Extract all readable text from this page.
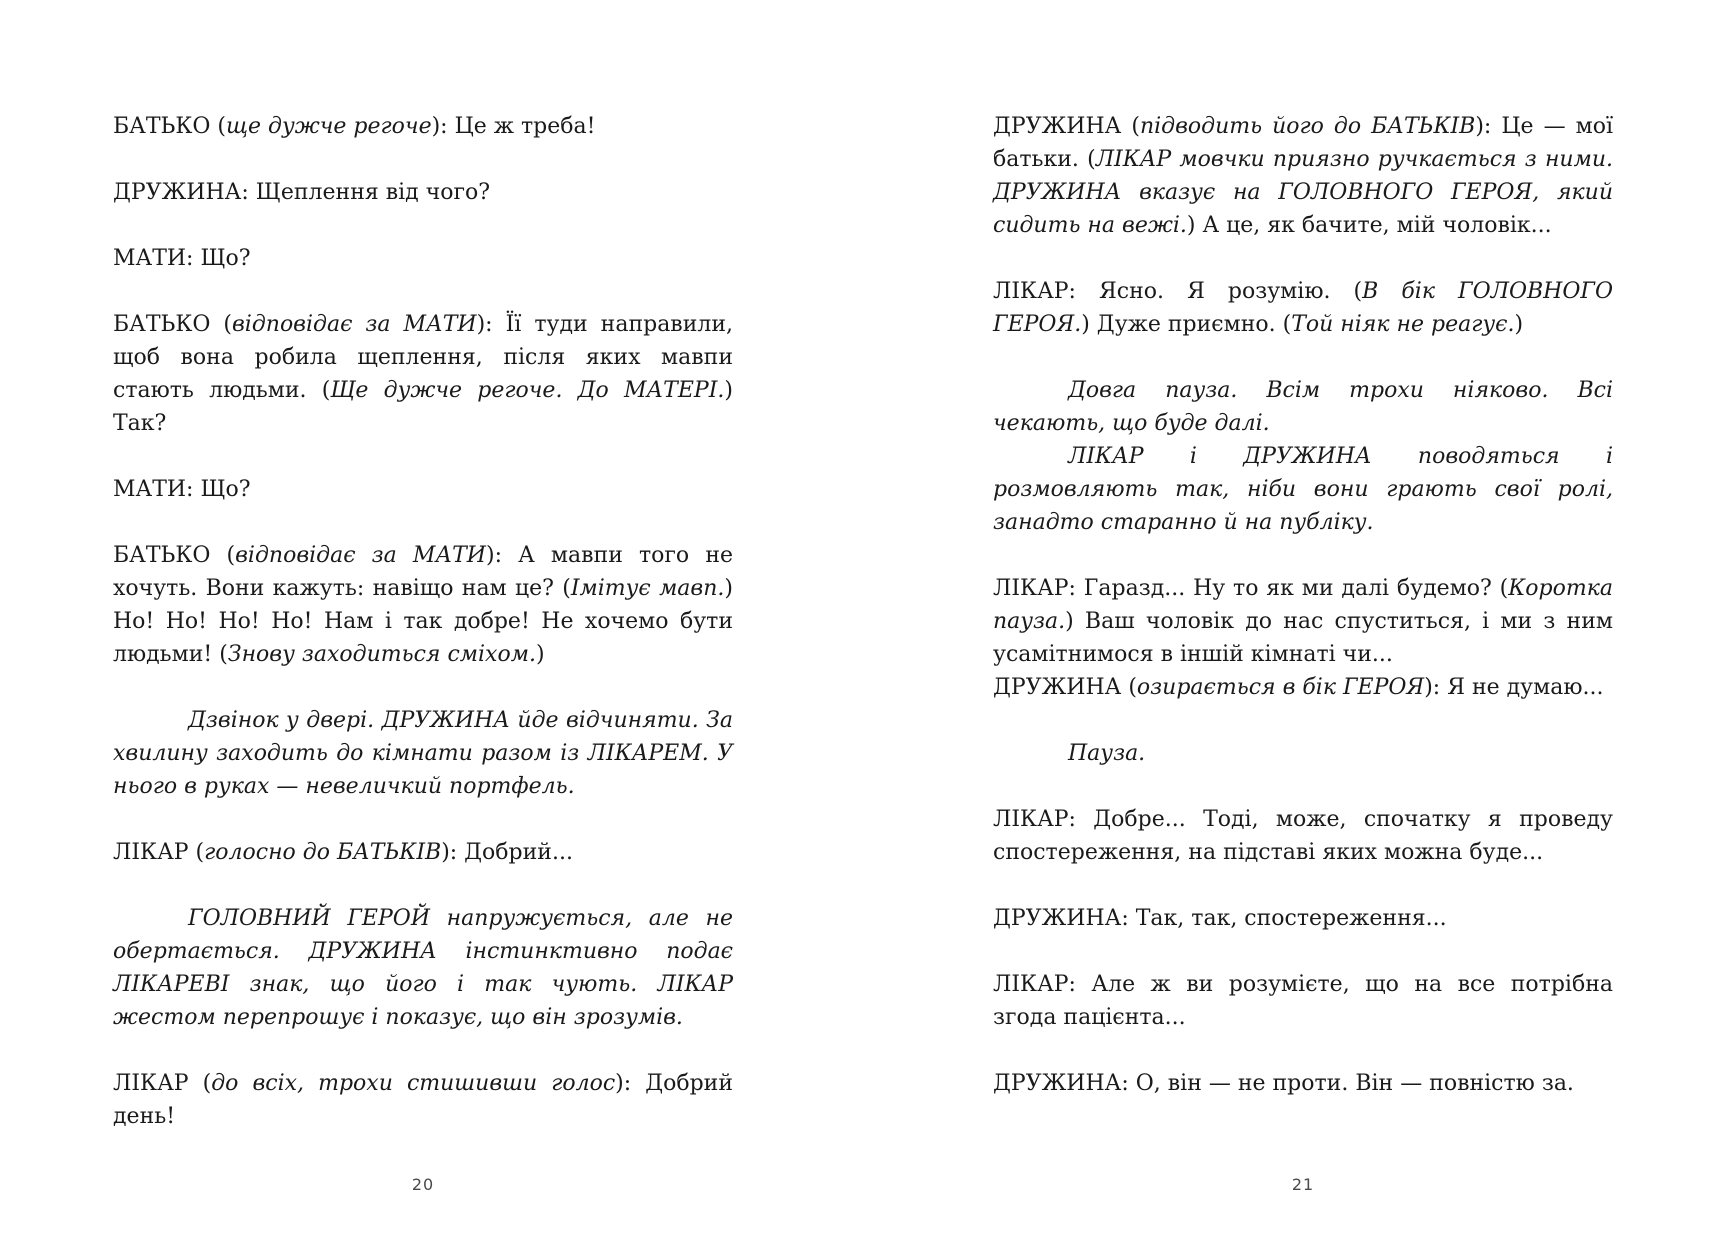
БАТЬКО (ще дужче регоче): Це ж треба!

ДРУЖИНА: Щеплення від чого?

МАТИ: Що?

БАТЬКО (відповідає за МАТИ): Її туди направили, щоб вона робила щеплення, після яких мавпи стають людьми. (Ще дужче регоче. До МАТЕРІ.) Так?

МАТИ: Що?

БАТЬКО (відповідає за МАТИ): А мавпи того не хочуть. Вони кажуть: навіщо нам це? (Імітує мавп.) Но! Но! Но! Но! Нам і так добре! Не хочемо бути людьми! (Знову заходиться сміхом.)

Дзвінок у двері. ДРУЖИНА йде відчиняти. За хвилину заходить до кімнати разом із ЛІКАРЕМ. У нього в руках — невеличкий портфель.

ЛІКАР (голосно до БАТЬКІВ): Добрий...

ГОЛОВНИЙ ГЕРОЙ напружується, але не обертається. ДРУЖИНА інстинктивно подає ЛІКАРЕВІ знак, що його і так чують. ЛІКАР жестом перепрошує і показує, що він зрозумів.

ЛІКАР (до всіх, трохи стишивши голос): Добрий день!

20

ДРУЖИНА (підводить його до БАТЬКІВ): Це — мої батьки. (ЛІКАР мовчки приязно ручкається з ними. ДРУЖИНА вказує на ГОЛОВНОГО ГЕРОЯ, який сидить на вежі.) А це, як бачите, мій чоловік...

ЛІКАР: Ясно. Я розумію. (В бік ГОЛОВНОГО ГЕРОЯ.) Дуже приємно. (Той ніяк не реагує.)

Довга пауза. Всім трохи ніяково. Всі чекають, що буде далі.

ЛІКАР і ДРУЖИНА поводяться і розмовляють так, ніби вони грають свої ролі, занадто старанно й на публіку.

ЛІКАР: Гаразд... Ну то як ми далі будемо? (Коротка пауза.) Ваш чоловік до нас спуститься, і ми з ним усамітнимося в іншій кімнаті чи...

ДРУЖИНА (озирається в бік ГЕРОЯ): Я не думаю...

Пауза.

ЛІКАР: Добре... Тоді, може, спочатку я проведу спостереження, на підставі яких можна буде...

ДРУЖИНА: Так, так, спостереження...

ЛІКАР: Але ж ви розумієте, що на все потрібна згода пацієнта...

ДРУЖИНА: О, він — не проти. Він — повністю за.

21
